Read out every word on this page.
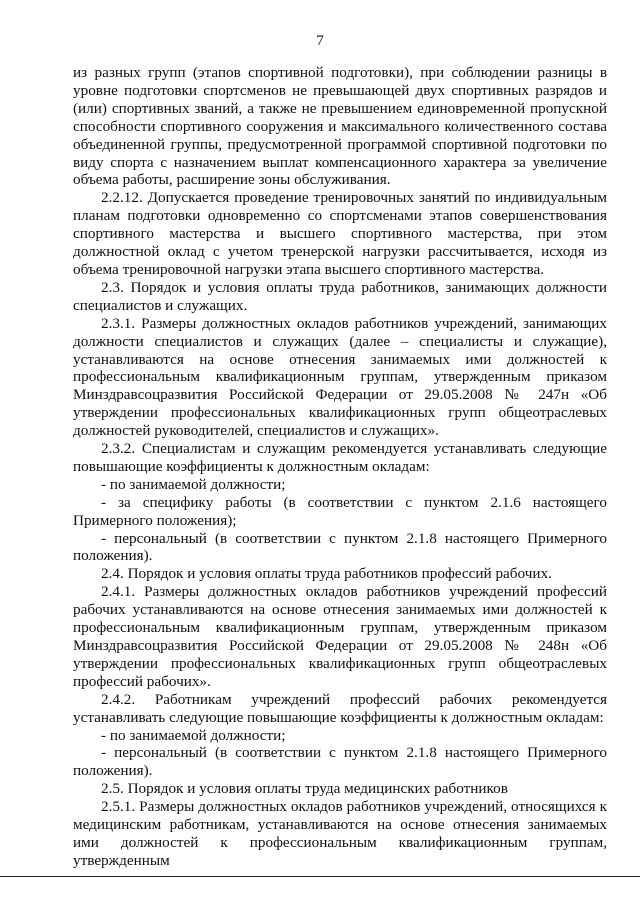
7

из разных групп (этапов спортивной подготовки), при соблюдении разницы в уровне подготовки спортсменов не превышающей двух спортивных разрядов и (или) спортивных званий, а также не превышением единовременной пропускной способности спортивного сооружения и максимального количественного состава объединенной группы, предусмотренной программой спортивной подготовки по виду спорта с назначением выплат компенсационного характера за увеличение объема работы, расширение зоны обслуживания.

2.2.12. Допускается проведение тренировочных занятий по индивидуальным планам подготовки одновременно со спортсменами этапов совершенствования спортивного мастерства и высшего спортивного мастерства, при этом должностной оклад с учетом тренерской нагрузки рассчитывается, исходя из объема тренировочной нагрузки этапа высшего спортивного мастерства.

2.3. Порядок и условия оплаты труда работников, занимающих должности специалистов и служащих.

2.3.1. Размеры должностных окладов работников учреждений, занимающих должности специалистов и служащих (далее – специалисты и служащие), устанавливаются на основе отнесения занимаемых ими должностей к профессиональным квалификационным группам, утвержденным приказом Минздравсоцразвития Российской Федерации от 29.05.2008 № 247н «Об утверждении профессиональных квалификационных групп общеотраслевых должностей руководителей, специалистов и служащих».

2.3.2. Специалистам и служащим рекомендуется устанавливать следующие повышающие коэффициенты к должностным окладам:

- по занимаемой должности;

- за специфику работы (в соответствии с пунктом 2.1.6 настоящего Примерного положения);

- персональный (в соответствии с пунктом 2.1.8 настоящего Примерного положения).

2.4. Порядок и условия оплаты труда работников профессий рабочих.

2.4.1. Размеры должностных окладов работников учреждений профессий рабочих устанавливаются на основе отнесения занимаемых ими должностей к профессиональным квалификационным группам, утвержденным приказом Минздравсоцразвития Российской Федерации от 29.05.2008 № 248н «Об утверждении профессиональных квалификационных групп общеотраслевых профессий рабочих».

2.4.2. Работникам учреждений профессий рабочих рекомендуется устанавливать следующие повышающие коэффициенты к должностным окладам:

- по занимаемой должности;

- персональный (в соответствии с пунктом 2.1.8 настоящего Примерного положения).

2.5. Порядок и условия оплаты труда медицинских работников

2.5.1. Размеры должностных окладов работников учреждений, относящихся к медицинским работникам, устанавливаются на основе отнесения занимаемых ими должностей к профессиональным квалификационным группам, утвержденным
